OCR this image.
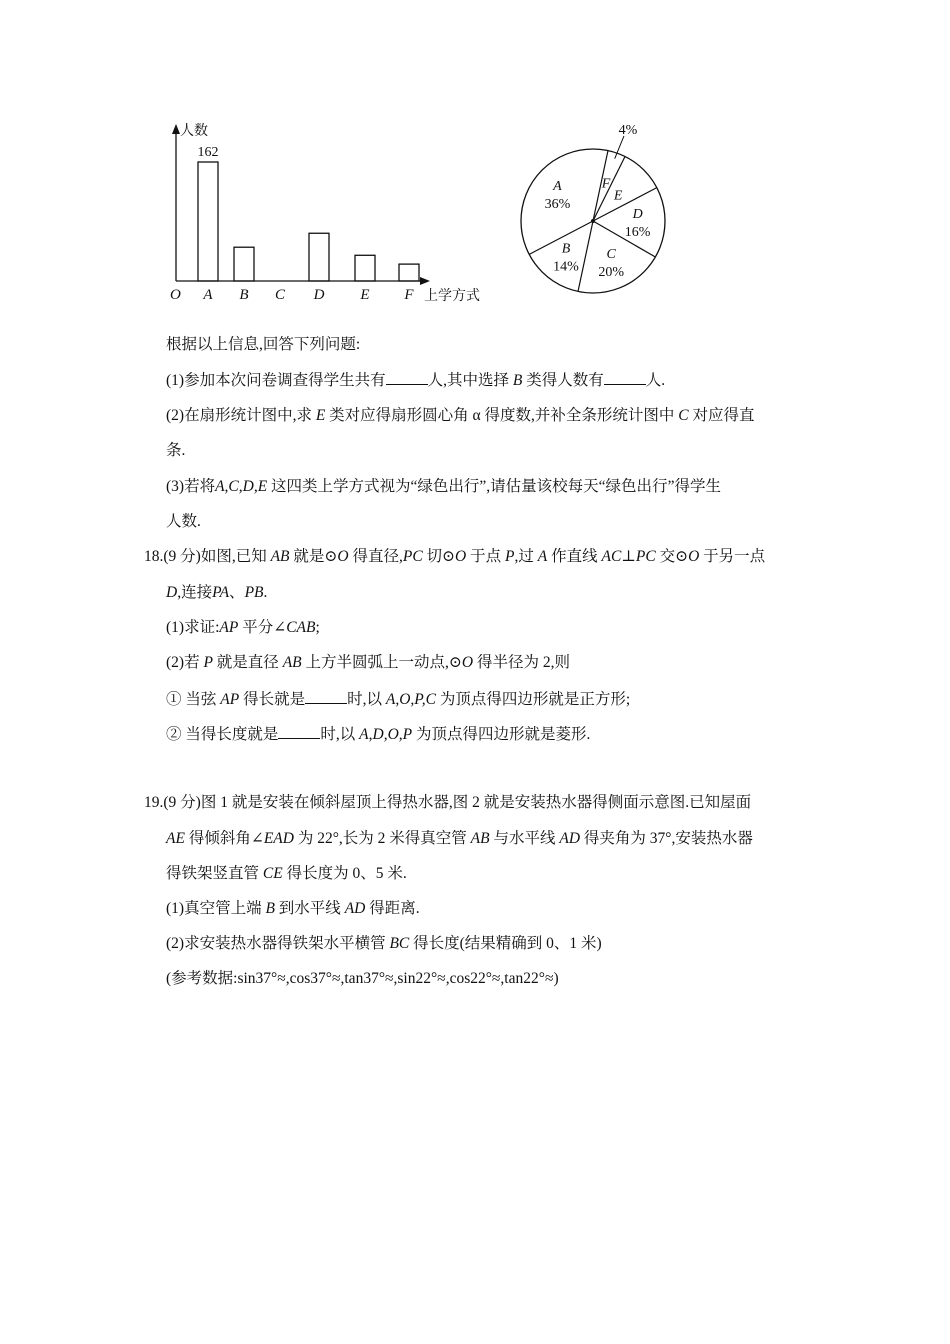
人数
上学方式
O A
162
B C D E F
F
4%
E
D
16%
C
20%
B
14%
A
36%
根据以上信息,回答下列问题:
(1)参加本次问卷调查得学生共有	人,其中选择 B 类得人数有	人.
(2)在扇形统计图中,求 E 类对应得扇形圆心角 α 得度数,并补全条形统计图中 C 对应得直
条.
(3)若将A,C,D,E 这四类上学方式视为“绿色出行”,请估量该校每天“绿色出行”得学生
人数.
18.(9 分)如图,已知 AB 就是⊙O 得直径,PC 切⊙O 于点 P,过 A 作直线 AC⊥PC 交⊙O 于另一点
D,连接PA、PB.
(1)求证:AP 平分∠CAB;
(2)若 P 就是直径 AB 上方半圆弧上一动点,⊙O 得半径为 2,则
① 当弦 AP 得长就是	时,以 A,O,P,C 为顶点得四边形就是正方形;
② 当得长度就是	时,以 A,D,O,P 为顶点得四边形就是菱形.
19.(9 分)图 1 就是安装在倾斜屋顶上得热水器,图 2 就是安装热水器得侧面示意图.已知屋面
AE 得倾斜角∠EAD 为 22°,长为 2 米得真空管 AB 与水平线 AD 得夹角为 37°,安装热水器
得铁架竖直管 CE 得长度为 0、5 米.
(1)真空管上端 B 到水平线 AD 得距离.
(2)求安装热水器得铁架水平横管 BC 得长度(结果精确到 0、1 米)
(参考数据:sin37°≈,cos37°≈,tan37°≈,sin22°≈,cos22°≈,tan22°≈)
